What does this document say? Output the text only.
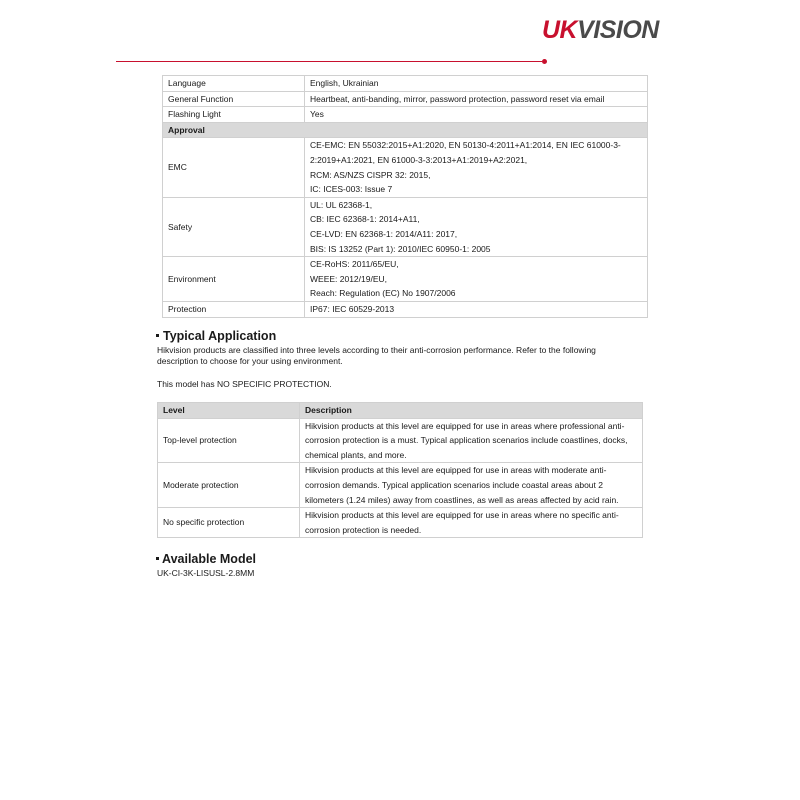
UKVISION
Language	English, Ukrainian
General Function	Heartbeat, anti-banding, mirror, password protection, password reset via email
Flashing Light	Yes
Approval	
EMC	CE-EMC: EN 55032:2015+A1:2020, EN 50130-4:2011+A1:2014, EN IEC 61000-3-
2:2019+A1:2021, EN 61000-3-3:2013+A1:2019+A2:2021,
RCM: AS/NZS CISPR 32: 2015,
IC: ICES-003: Issue 7

Safety	UL: UL 62368-1,
CB: IEC 62368-1: 2014+A11,
CE-LVD: EN 62368-1: 2014/A11: 2017,
BIS: IS 13252 (Part 1): 2010/IEC 60950-1: 2005

Environment	CE-RoHS: 2011/65/EU,
WEEE: 2012/19/EU,
Reach: Regulation (EC) No 1907/2006

Protection	IP67: IEC 60529-2013
Typical Application
Hikvision products are classified into three levels according to their anti-corrosion performance. Refer to the following
description to choose for your using environment.
This model has NO SPECIFIC PROTECTION.
Level	Description
Top-level protection	Hikvision products at this level are equipped for use in areas where professional anti-
corrosion protection is a must. Typical application scenarios include coastlines, docks,
chemical plants, and more.

Moderate protection	Hikvision products at this level are equipped for use in areas with moderate anti-
corrosion demands. Typical application scenarios include coastal areas about 2
kilometers (1.24 miles) away from coastlines, as well as areas affected by acid rain.

No specific protection	Hikvision products at this level are equipped for use in areas where no specific anti-
corrosion protection is needed.
Available Model
UK-CI-3K-LISUSL-2.8MM
